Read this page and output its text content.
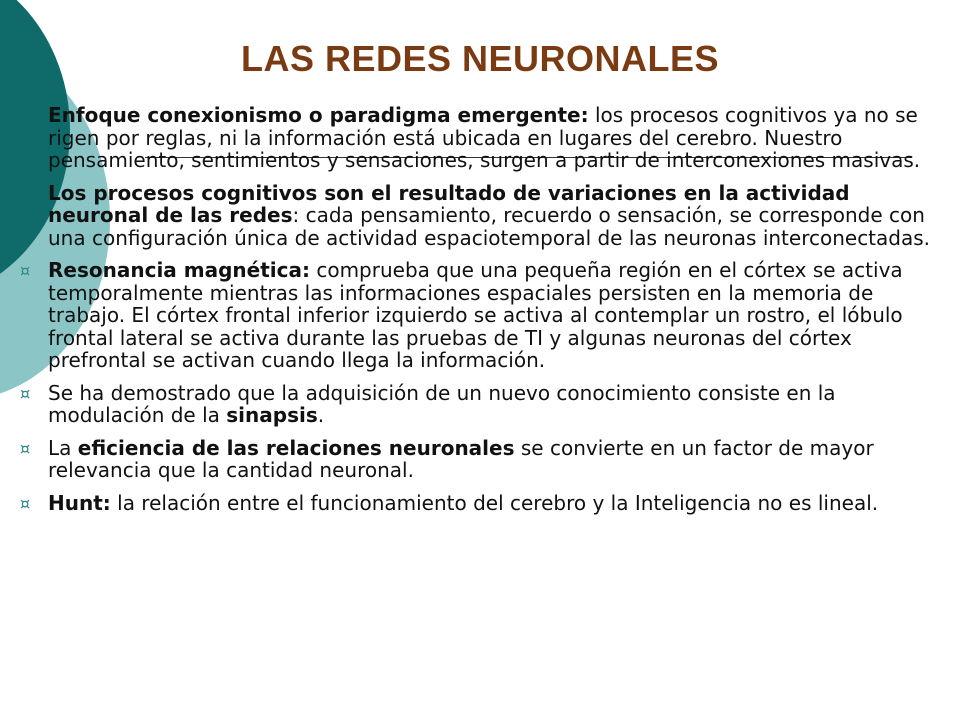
LAS REDES NEURONALES
Enfoque conexionismo o paradigma emergente: los procesos cognitivos ya no se rigen por reglas, ni la información está ubicada en lugares del cerebro. Nuestro pensamiento, sentimientos y sensaciones, surgen a partir de interconexiones masivas.
Los procesos cognitivos son el resultado de variaciones en la actividad neuronal de las redes: cada pensamiento, recuerdo o sensación, se corresponde con una configuración única de actividad espaciotemporal de las neuronas interconectadas.
¤ Resonancia magnética: comprueba que una pequeña región en el córtex se activa temporalmente mientras las informaciones espaciales persisten en la memoria de trabajo. El córtex frontal inferior izquierdo se activa al contemplar un rostro, el lóbulo frontal lateral se activa durante las pruebas de TI y algunas neuronas del córtex prefrontal se activan cuando llega la información.
¤ Se ha demostrado que la adquisición de un nuevo conocimiento consiste en la modulación de la sinapsis.
¤ La eficiencia de las relaciones neuronales se convierte en un factor de mayor relevancia que la cantidad neuronal.
¤ Hunt: la relación entre el funcionamiento del cerebro y la Inteligencia no es lineal.
